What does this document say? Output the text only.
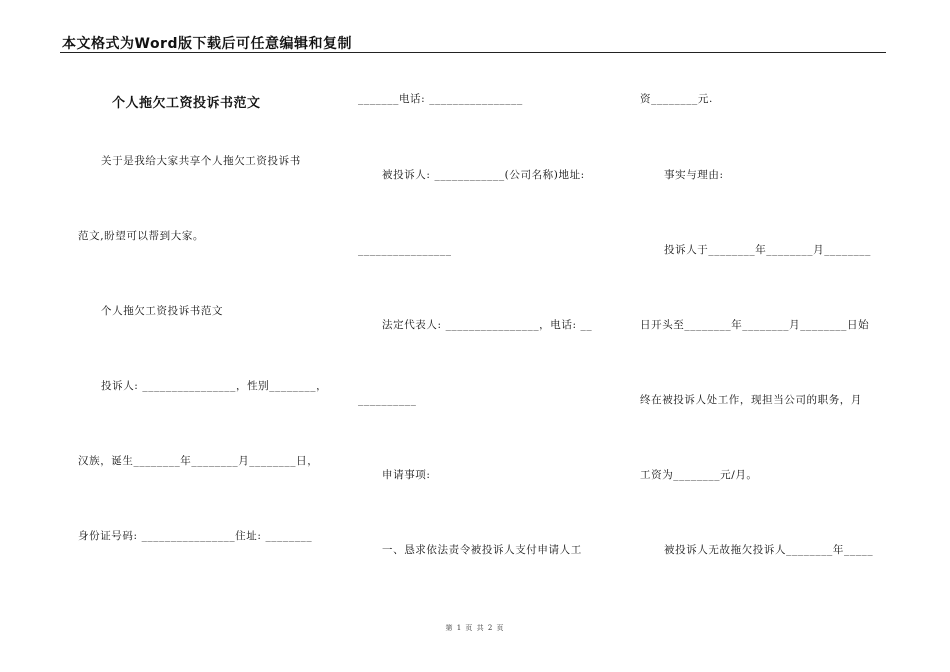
本文格式为Word版下载后可任意编辑和复制
个人拖欠工资投诉书范文
关于是我给大家共享个人拖欠工资投诉书
范文,盼望可以帮到大家。
个人拖欠工资投诉书范文
投诉人: ________________，性别________，
汉族，诞生________年________月________日，
身份证号码: ________________住址: ________
_______电话: ________________
被投诉人: ____________(公司名称)地址:
________________
法定代表人: ________________，电话: __
__________
申请事项:
一、恳求依法责令被投诉人支付申请人工
资________元.
事实与理由:
投诉人于________年________月________
日开头至________年________月________日始
终在被投诉人处工作，现担当公司的职务，月
工资为________元/月。
被投诉人无故拖欠投诉人________年_____
第 1 页 共 2 页
